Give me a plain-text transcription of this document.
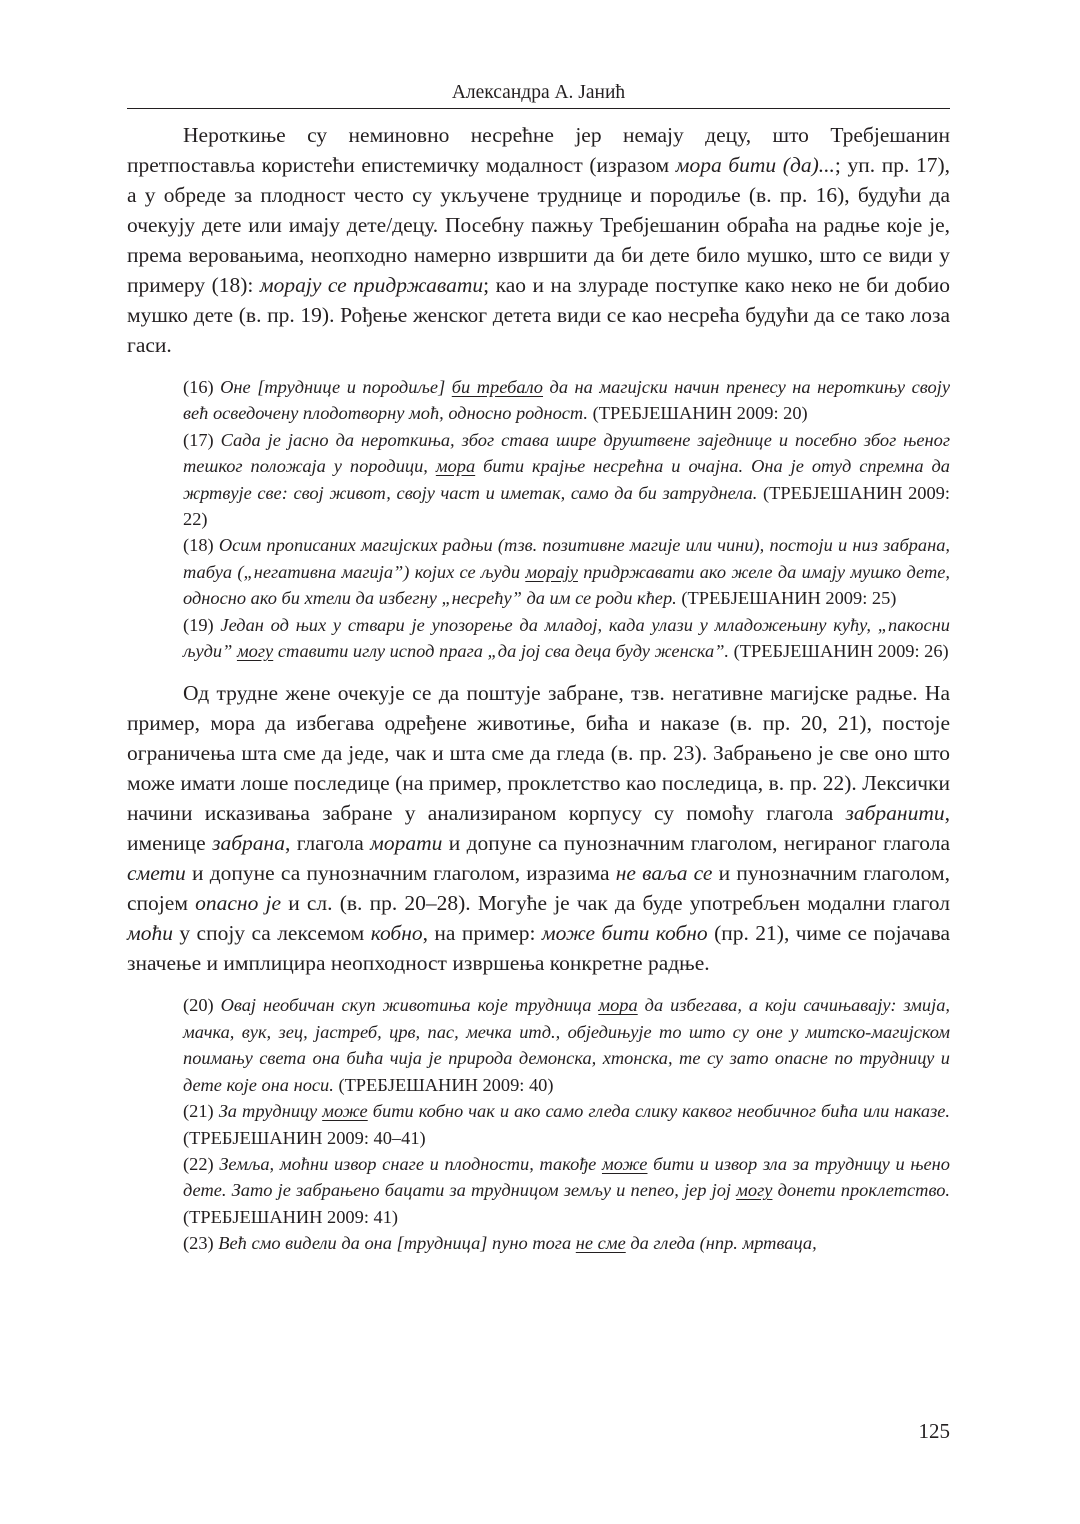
Александра А. Јанић

Нероткиње су неминовно несрећне јер немају децу, што Требјешанин претпоставља користећи епистемичку модалност (изразом мора бити (да)...; уп. пр. 17), а у обреде за плодност често су укључене труднице и породиље (в. пр. 16), будући да очекују дете или имају дете/децу. Посебну пажњу Требјешанин обраћа на радње које је, према веровањима, неопходно намерно извршити да би дете било мушко, што се види у примеру (18): морају се придржавати; као и на злураде поступке како неко не би добио мушко дете (в. пр. 19). Рођење женског детета види се као несрећа будући да се тако лоза гаси.

(16) Оне [труднице и породиље] би требало да на магијски начин пренесу на нероткињу своју већ осведочену плодотворну моћ, односно родност. (ТРЕБЈЕШАНИН 2009: 20)

(17) Сада је јасно да нероткиња, због става шире друштвене заједнице и посебно због њеног тешког положаја у породици, мора бити крајње несрећна и очајна. Она је отуд спремна да жртвује све: свој живот, своју част и иметак, само да би затруднела. (ТРЕБЈЕШАНИН 2009: 22)

(18) Осим прописаних магијских радњи (тзв. позитивне магије или чини), постоји и низ забрана, табуа („негативна магија”) којих се људи морају придржавати ако желе да имају мушко дете, односно ако би хтели да избегну „несрећу” да им се роди кћер. (ТРЕБЈЕШАНИН 2009: 25)

(19) Један од њих у ствари је упозорење да младој, када улази у младожењину кућу, „пакосни људи” могу ставити иглу испод прага „да јој сва деца буду женска”. (ТРЕБЈЕШАНИН 2009: 26)

Од трудне жене очекује се да поштује забране, тзв. негативне магијске радње. На пример, мора да избегава одређене животиње, бића и наказе (в. пр. 20, 21), постоје ограничења шта сме да једе, чак и шта сме да гледа (в. пр. 23). Забрањено је све оно што може имати лоше последице (на пример, проклетство као последица, в. пр. 22). Лексички начини исказивања забране у анализираном корпусу су помоћу глагола забранити, именице забрана, глагола морати и допуне са пунозначним глаголом, негираног глагола смети и допуне са пунозначним глаголом, изразима не ваља се и пунозначним глаголом, спојем опасно је и сл. (в. пр. 20–28). Могуће је чак да буде употребљен модални глагол моћи у споју са лексемом кобно, на пример: може бити кобно (пр. 21), чиме се појачава значење и имплицира неопходност извршења конкретне радње.

(20) Овај необичан скуп животиња које трудница мора да избегава, а који сачињавају: змија, мачка, вук, зец, јастреб, црв, пас, мечка итд., обједињује то што су оне у митско-магијском поимању света она бића чија је природа демонска, хтонска, те су зато опасне по трудницу и дете које она носи. (ТРЕБЈЕШАНИН 2009: 40)

(21) За трудницу може бити кобно чак и ако само гледа слику каквог необичног бића или наказе. (ТРЕБЈЕШАНИН 2009: 40–41)

(22) Земља, моћни извор снаге и плодности, такође може бити и извор зла за трудницу и њено дете. Зато је забрањено бацати за трудницом земљу и пепео, јер јој могу донети проклетство. (ТРЕБЈЕШАНИН 2009: 41)

(23) Већ смо видели да она [трудница] пуно тога не сме да гледа (нпр. мртваца,

125
